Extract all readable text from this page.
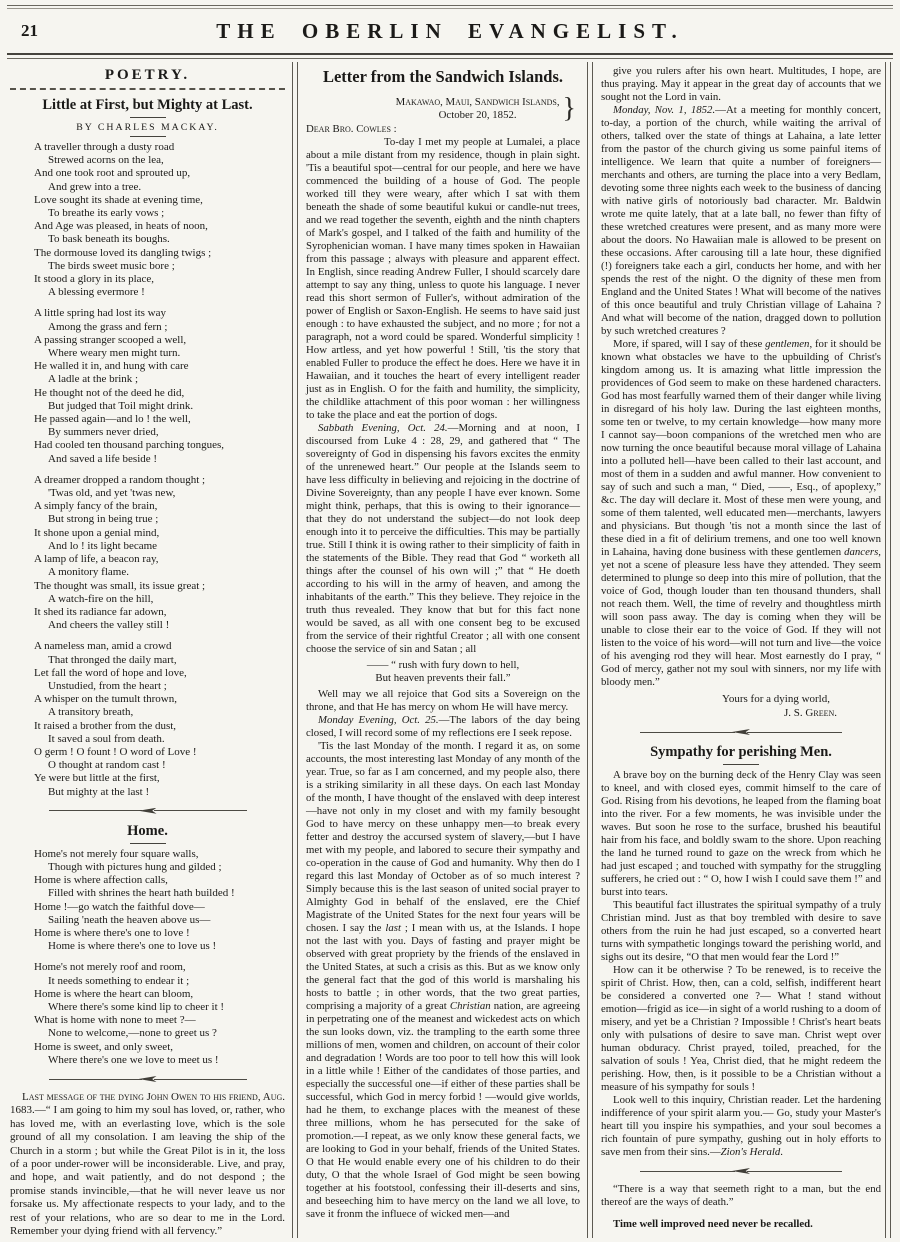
21	THE OBERLIN EVANGELIST.
POETRY.
Little at First, but Mighty at Last.
BY CHARLES MACKAY.
A traveller through a dusty road
Strewed acorns on the lea,
And one took root and sprouted up,
And grew into a tree.
Love sought its shade at evening time,
To breathe its early vows ;
And Age was pleased, in heats of noon,
To bask beneath its boughs.
The dormouse loved its dangling twigs ;
The birds sweet music bore ;
It stood a glory in its place,
A blessing evermore !
A little spring had lost its way
Among the grass and fern ;
A passing stranger scooped a well,
Where weary men might turn.
He walled it in, and hung with care
A ladle at the brink ;
He thought not of the deed he did,
But judged that Toil might drink.
He passed again—and lo ! the well,
By summers never dried,
Had cooled ten thousand parching tongues,
And saved a life beside !
A dreamer dropped a random thought ;
'Twas old, and yet 'twas new,
A simply fancy of the brain,
But strong in being true ;
It shone upon a genial mind,
And lo ! its light became
A lamp of life, a beacon ray,
A monitory flame.
The thought was small, its issue great ;
A watch-fire on the hill,
It shed its radiance far adown,
And cheers the valley still !
A nameless man, amid a crowd
That thronged the daily mart,
Let fall the word of hope and love,
Unstudied, from the heart ;
A whisper on the tumult thrown,
A transitory breath,
It raised a brother from the dust,
It saved a soul from death.
O germ ! O fount ! O word of Love !
O thought at random cast !
Ye were but little at the first,
But mighty at the last !
Home.
Home's not merely four square walls,
Though with pictures hung and gilded ;
Home is where affection calls,
Filled with shrines the heart hath builded !
Home !—go watch the faithful dove—
Sailing 'neath the heaven above us—
Home is where there's one to love !
Home is where there's one to love us !
Home's not merely roof and room,
It needs something to endear it ;
Home is where the heart can bloom,
Where there's some kind lip to cheer it !
What is home with none to meet ?—
None to welcome,—none to greet us ?
Home is sweet, and only sweet,
Where there's one we love to meet us !

Last message of the dying John Owen to his friend, Aug. 1683.—“ I am going to him my soul has loved, or, rather, who has loved me, with an everlasting love, which is the sole ground of all my consolation. I am leaving the ship of the Church in a storm ; but while the Great Pilot is in it, the loss of a poor under-rower will be inconsiderable. Live, and pray, and hope, and wait patiently, and do not despond ; the promise stands invincible,—that he will never leave us nor forsake us. My affectionate respects to your lady, and to the rest of your relations, who are so dear to me in the Lord. Remember your dying friend with all fervency.”

Letter from the Sandwich Islands.
Makawao, Maui, Sandwich Islands,
October 20, 1852.	}
Dear Bro. Cowles :

To-day I met my people at Lumalei, a place about a mile distant from my residence, though in plain sight. 'Tis a beautiful spot—central for our people, and here we have commenced the building of a house of God. The people worked till they were weary, after which I sat with them beneath the shade of some beautiful kukui or candle-nut trees, and we read together the seventh, eighth and the ninth chapters of Mark's gospel, and I talked of the faith and humility of the Syrophenician woman. I have many times spoken in Hawaiian from this passage ; always with pleasure and apparent effect. In English, since reading Andrew Fuller, I should scarcely dare attempt to say any thing, unless to quote his language. I never read this short sermon of Fuller's, without admiration of the power of English or Saxon-English. He seems to have said just enough : to have exhausted the subject, and no more ; for not a paragraph, not a word could be spared. Wonderful simplicity ! How artless, and yet how powerful ! Still, 'tis the story that enabled Fuller to produce the effect he does. Here we have it in Hawaiian, and it touches the heart of every intelligent reader just as in English. O for the faith and humility, the simplicity, the childlike attachment of this poor woman : her willingness to take the place and eat the portion of dogs.

Sabbath Evening, Oct. 24.—Morning and at noon, I discoursed from Luke 4 : 28, 29, and gathered that “ The sovereignty of God in dispensing his favors excites the enmity of the unrenewed heart.” Our people at the Islands seem to have less difficulty in believing and rejoicing in the doctrine of Divine Sovereignty, than any people I have ever known. Some might think, perhaps, that this is owing to their ignorance—that they do not understand the subject—do not look deep enough into it to perceive the difficulties. This may be partially true. Still I think it is owing rather to their simplicity of faith in the statements of the Bible. They read that God “ worketh all things after the counsel of his own will ;” that “ He doeth according to his will in the army of heaven, and among the inhabitants of the earth.” This they believe. They rejoice in the truth thus revealed. They know that but for this fact none would be saved, as all with one consent beg to be excused from the service of their rightful Creator ; all with one consent choose the service of sin and Satan ; all

—— “ rush with fury down to hell,
But heaven prevents their fall.”

Well may we all rejoice that God sits a Sovereign on the throne, and that He has mercy on whom He will have mercy.

Monday Evening, Oct. 25.—The labors of the day being closed, I will record some of my reflections ere I seek repose.

'Tis the last Monday of the month. I regard it as, on some accounts, the most interesting last Monday of any month of the year. True, so far as I am concerned, and my people also, there is a striking similarity in all these days. On each last Monday of the month, I have thought of the enslaved with deep interest—have not only in my closet and with my family besought God to have mercy on these unhappy men—to break every fetter and destroy the accursed system of slavery,—but I have met with my people, and labored to secure their sympathy and co-operation in the cause of God and humanity. Why then do I regard this last Monday of October as of so much interest ? Simply because this is the last season of united social prayer to Almighty God in behalf of the enslaved, ere the Chief Magistrate of the United States for the next four years will be chosen. I say the last ; I mean with us, at the Islands. I hope not the last with you. Days of fasting and prayer might be observed with great propriety by the friends of the enslaved in the United States, at such a crisis as this. But as we know only the general fact that the god of this world is marshaling his hosts to battle ; in other words, that the two great parties, comprising a majority of a great Christian nation, are agreeing in perpetrating one of the meanest and wickedest acts on which the sun looks down, viz. the trampling to the earth some three millions of men, women and children, on account of their color and degradation ! Words are too poor to tell how this will look in a little while ! Either of the candidates of those parties, and especially the successful one—if either of these parties shall be successful, which God in mercy forbid ! —would give worlds, had he them, to exchange places with the meanest of these three millions, whom he has persecuted for the sake of promotion.—I repeat, as we only know these general facts, we are looking to God in your behalf, friends of the United States. O that He would enable every one of his children to do their duty, O that the whole Israel of God might be seen bowing together at his footstool, confessing their ill-deserts and sins, and beseeching him to have mercy on the land we all love, to save it fronm the influece of wicked men—and

give you rulers after his own heart. Multitudes, I hope, are thus praying. May it appear in the great day of accounts that we sought not the Lord in vain.

Monday, Nov. 1, 1852.—At a meeting for monthly concert, to-day, a portion of the church, while waiting the arrival of others, talked over the state of things at Lahaina, a late letter from the pastor of the church giving us some painful items of intelligence. We learn that quite a number of foreigners—merchants and others, are turning the place into a very Bedlam, devoting some three nights each week to the business of dancing with native girls of notoriously bad character. Mr. Baldwin wrote me quite lately, that at a late ball, no fewer than fifty of these wretched creatures were present, and as many more were about the doors. No Hawaiian male is allowed to be present on these occasions. After carousing till a late hour, these dignified (!) foreigners take each a girl, conducts her home, and with her spends the rest of the night. O the dignity of these men from England and the United States ! What will become of the natives of this once beautiful and truly Christian village of Lahaina ? And what will become of the nation, dragged down to pollution by such wretched creatures ?

More, if spared, will I say of these gentlemen, for it should be known what obstacles we have to the upbuilding of Christ's kingdom among us. It is amazing what little impression the providences of God seem to make on these hardened characters. God has most fearfully warned them of their danger while living in disregard of his holy law. During the last eighteen months, some ten or twelve, to my certain knowledge—how many more I cannot say—boon companions of the wretched men who are now turning the once beautiful because moral village of Lahaina into a polluted hell—have been called to their last account, and most of them in a sudden and awful manner. How convenient to say of such and such a man, “ Died, ——, Esq., of apoplexy,” &c. The day will declare it. Most of these men were young, and some of them talented, well educated men—merchants, lawyers and physicians. But though 'tis not a month since the last of these died in a fit of delirium tremens, and one too well known in Lahaina, having done business with these gentlemen dancers, yet not a scene of pleasure less have they attended. They seem determined to plunge so deep into this mire of pollution, that the voice of God, though louder than ten thousand thunders, shall not reach them. Well, the time of revelry and thoughtless mirth will soon pass away. The day is coming when they will be unable to close their ear to the voice of God. If they will not listen to the voice of his word—will not turn and live—the voice of his avenging rod they will hear. Most earnestly do I pray, “ God of mercy, gather not my soul with sinners, nor my life with bloody men.”

Yours for a dying world,
J. S. Green.
Sympathy for perishing Men.

A brave boy on the burning deck of the Henry Clay was seen to kneel, and with closed eyes, commit himself to the care of God. Rising from his devotions, he leaped from the flaming boat into the river. For a few moments, he was invisible under the waves. But soon he rose to the surface, brushed his beautiful hair from his face, and boldly swam to the shore. Upon reaching the land he turned round to gaze on the wreck from which he had just escaped ; and touched with sympathy for the struggling sufferers, he cried out : “ O, how I wish I could save them !” and burst into tears.

This beautiful fact illustrates the spiritual sympathy of a truly Christian mind. Just as that boy trembled with desire to save others from the ruin he had just escaped, so a converted heart turns with sympathetic longings toward the perishing world, and sighs out its desire, “O that men would fear the Lord !”

How can it be otherwise ? To be renewed, is to receive the spirit of Christ. How, then, can a cold, selfish, indifferent heart be considered a converted one ?— What ! stand without emotion—frigid as ice—in sight of a world rushing to a doom of misery, and yet be a Christian ? Impossible ! Christ's heart beats only with pulsations of desire to save man. Christ wept over human obduracy. Christ prayed, toiled, preached, for the salvation of souls ! Yea, Christ died, that he might redeem the perishing. How, then, is it possible to be a Christian without a measure of his sympathy for souls !

Look well to this inquiry, Christian reader. Let the hardening indifference of your spirit alarm you.— Go, study your Master's heart till you inspire his sympathies, and your soul becomes a rich fountain of pure sympathy, gushing out in holy efforts to save men from their sins.—Zion's Herald.

“There is a way that seemeth right to a man, but the end thereof are the ways of death.”

Time well improved need never be recalled.
